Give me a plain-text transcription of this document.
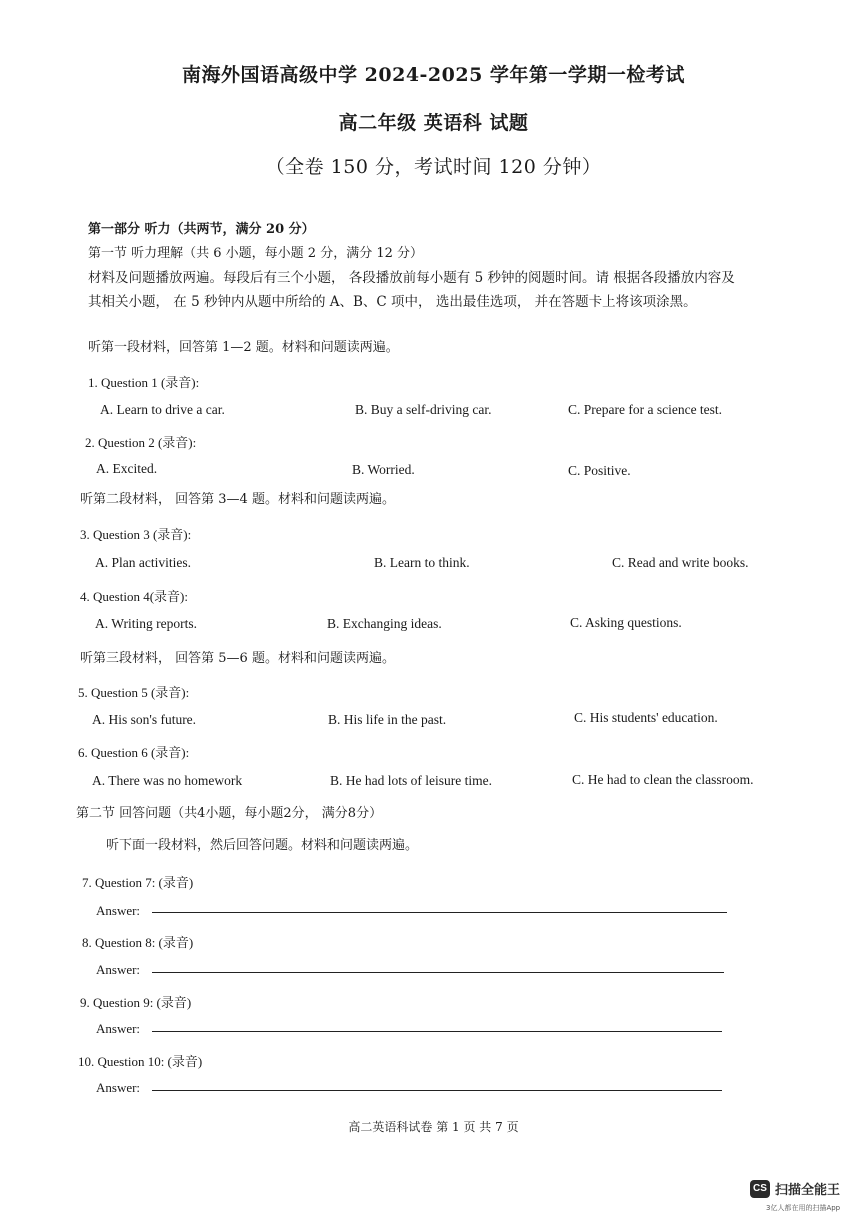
南海外国语高级中学 2024-2025 学年第一学期一检考试
高二年级 英语科 试题
（全卷 150 分，考试时间 120 分钟）
第一部分 听力（共两节，满分 20 分）
第一节 听力理解（共 6 小题，每小题 2 分，满分 12 分）
材料及问题播放两遍。每段后有三个小题， 各段播放前每小题有 5 秒钟的阅题时间。请 根据各段播放内容及
其相关小题， 在 5 秒钟内从题中所给的 A、B、C 项中， 选出最佳选项， 并在答题卡上将该项涂黑。
听第一段材料，回答第 1—2 题。材料和问题读两遍。
1. Question 1 (录音):
A. Learn to drive a car.	B. Buy a self-driving car.	C. Prepare for a science test.
2. Question 2 (录音):
A. Excited.	B. Worried.	C. Positive.
听第二段材料， 回答第 3—4 题。材料和问题读两遍。
3. Question 3 (录音):
A. Plan activities.	B. Learn to think.	C. Read and write books.
4. Question 4(录音):
A. Writing reports.	B. Exchanging ideas.	C. Asking questions.
听第三段材料， 回答第 5—6 题。材料和问题读两遍。
5. Question 5 (录音):
A. His son's future.	B. His life in the past.	C. His students' education.
6. Question 6 (录音):
A. There was no homework	B. He had lots of leisure time.	C. He had to clean the classroom.
第二节 回答问题（共4小题，每小题2分， 满分8分）
听下面一段材料，然后回答问题。材料和问题读两遍。
7. Question 7: (录音)
Answer:
8. Question 8: (录音)
Answer:
9. Question 9: (录音)
Answer:
10. Question 10: (录音)
Answer:
高二英语科试卷 第 1 页 共 7 页
CS 扫描全能王
3亿人都在用的扫描App
